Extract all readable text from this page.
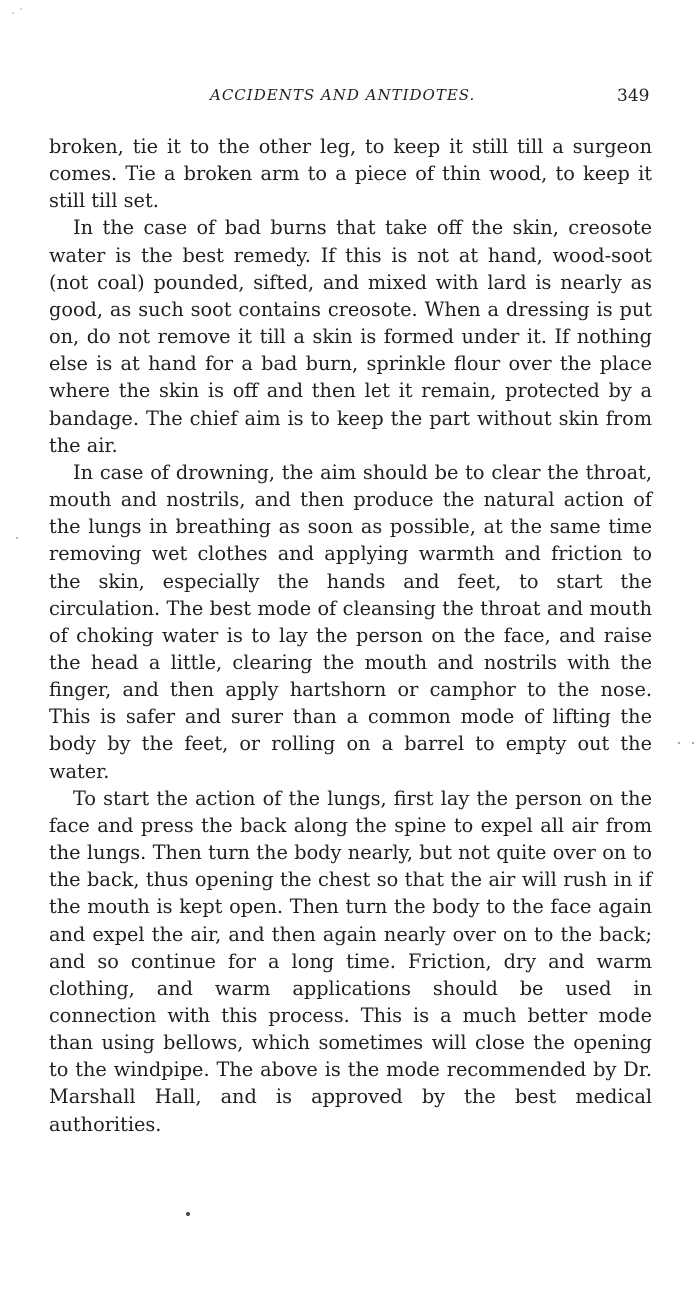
ACCIDENTS AND ANTIDOTES.	349

broken, tie it to the other leg, to keep it still till a surgeon comes. Tie a broken arm to a piece of thin wood, to keep it still till set.

In the case of bad burns that take off the skin, creosote water is the best remedy. If this is not at hand, wood-soot (not coal) pounded, sifted, and mixed with lard is nearly as good, as such soot contains creosote. When a dressing is put on, do not remove it till a skin is formed under it. If nothing else is at hand for a bad burn, sprinkle flour over the place where the skin is off and then let it remain, protected by a bandage. The chief aim is to keep the part without skin from the air.

In case of drowning, the aim should be to clear the throat, mouth and nostrils, and then produce the natural action of the lungs in breathing as soon as possible, at the same time removing wet clothes and applying warmth and friction to the skin, especially the hands and feet, to start the circulation. The best mode of cleansing the throat and mouth of choking water is to lay the person on the face, and raise the head a little, clearing the mouth and nostrils with the finger, and then apply hartshorn or camphor to the nose. This is safer and surer than a common mode of lifting the body by the feet, or rolling on a barrel to empty out the water.

To start the action of the lungs, first lay the person on the face and press the back along the spine to expel all air from the lungs. Then turn the body nearly, but not quite over on to the back, thus opening the chest so that the air will rush in if the mouth is kept open. Then turn the body to the face again and expel the air, and then again nearly over on to the back; and so continue for a long time. Friction, dry and warm clothing, and warm applications should be used in connection with this process. This is a much better mode than using bellows, which sometimes will close the opening to the windpipe. The above is the mode recommended by Dr. Marshall Hall, and is approved by the best medical authorities.
